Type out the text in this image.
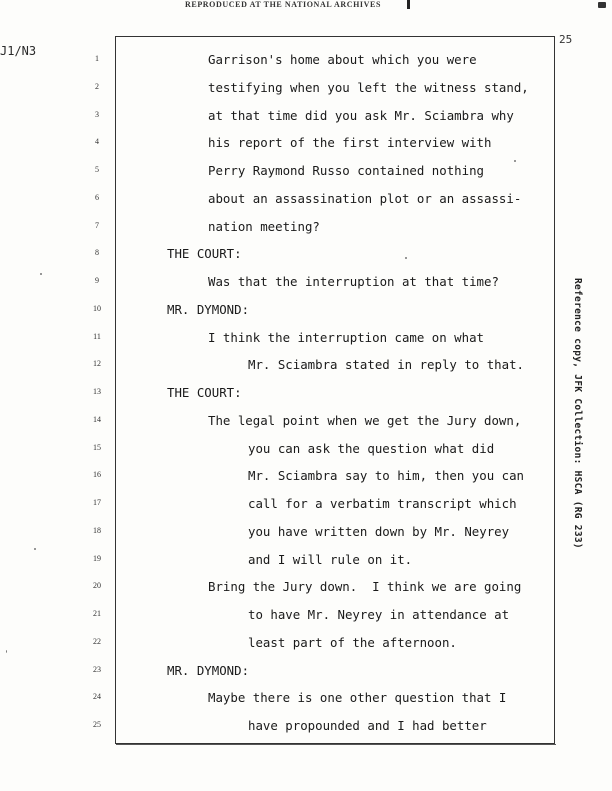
REPRODUCED AT THE NATIONAL ARCHIVES
J1/N3
25
1	Garrison's home about which you were
2	testifying when you left the witness stand,
3	at that time did you ask Mr. Sciambra why
4	his report of the first interview with
5	Perry Raymond Russo contained nothing
6	about an assassination plot or an assassi-
7	nation meeting?
8	THE COURT:
9	Was that the interruption at that time?
10	MR. DYMOND:
11	I think the interruption came on what
12	Mr. Sciambra stated in reply to that.
13	THE COURT:
14	The legal point when we get the Jury down,
15	you can ask the question what did
16	Mr. Sciambra say to him, then you can
17	call for a verbatim transcript which
18	you have written down by Mr. Neyrey
19	and I will rule on it.
20	Bring the Jury down.  I think we are going
21	to have Mr. Neyrey in attendance at
22	least part of the afternoon.
23	MR. DYMOND:
24	Maybe there is one other question that I
25	have propounded and I had better
Reference copy, JFK Collection: HSCA (RG 233)
